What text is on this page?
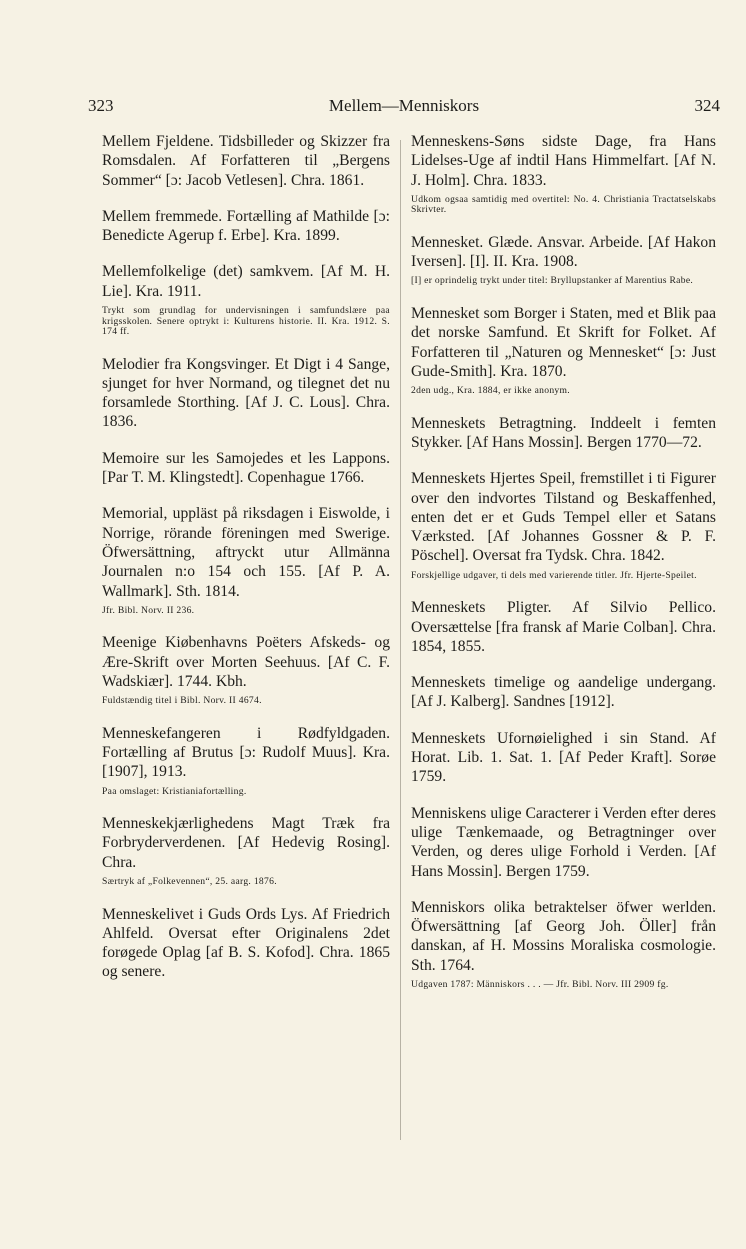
323	Mellem—Menniskors	324
Mellem Fjeldene. Tidsbilleder og Skizzer fra Romsdalen. Af Forfatteren til „Bergens Sommer“ [ɔ: Jacob Vetlesen]. Chra. 1861.
Mellem fremmede. Fortælling af Mathilde [ɔ: Benedicte Agerup f. Erbe]. Kra. 1899.
Mellemfolkelige (det) samkvem. [Af M. H. Lie]. Kra. 1911.
Trykt som grundlag for undervisningen i samfundslære paa krigsskolen. Senere optrykt i: Kulturens historie. II. Kra. 1912. S. 174 ff.
Melodier fra Kongsvinger. Et Digt i 4 Sange, sjunget for hver Normand, og tilegnet det nu forsamlede Storthing. [Af J. C. Lous]. Chra. 1836.
Memoire sur les Samojedes et les Lappons. [Par T. M. Klingstedt]. Copenhague 1766.
Memorial, uppläst på riksdagen i Eiswolde, i Norrige, rörande föreningen med Swerige. Öfwersättning, aftryckt utur Allmänna Journalen n:o 154 och 155. [Af P. A. Wallmark]. Sth. 1814.
Jfr. Bibl. Norv. II 236.
Meenige Kiøbenhavns Poëters Afskeds- og Ære-Skrift over Morten Seehuus. [Af C. F. Wadskiær]. 1744. Kbh.
Fuldstændig titel i Bibl. Norv. II 4674.
Menneskefangeren i Rødfyldgaden. Fortælling af Brutus [ɔ: Rudolf Muus]. Kra. [1907], 1913.
Paa omslaget: Kristianiafortælling.
Menneskekjærlighedens Magt Træk fra Forbryderverdenen. [Af Hedevig Rosing]. Chra.
Særtryk af „Folkevennen“, 25. aarg. 1876.
Menneskelivet i Guds Ords Lys. Af Friedrich Ahlfeld. Oversat efter Originalens 2det forøgede Oplag [af B. S. Kofod]. Chra. 1865 og senere.
Menneskens-Søns sidste Dage, fra Hans Lidelses-Uge af indtil Hans Himmelfart. [Af N. J. Holm]. Chra. 1833.
Udkom ogsaa samtidig med overtitel: No. 4. Christiania Tractatselskabs Skrivter.
Mennesket. Glæde. Ansvar. Arbeide. [Af Hakon Iversen]. [I]. II. Kra. 1908.
[I] er oprindelig trykt under titel: Bryllupstanker af Marentius Rabe.
Mennesket som Borger i Staten, med et Blik paa det norske Samfund. Et Skrift for Folket. Af Forfatteren til „Naturen og Mennesket“ [ɔ: Just Gude-Smith]. Kra. 1870.
2den udg., Kra. 1884, er ikke anonym.
Menneskets Betragtning. Inddeelt i femten Stykker. [Af Hans Mossin]. Bergen 1770—72.
Menneskets Hjertes Speil, fremstillet i ti Figurer over den indvortes Tilstand og Beskaffenhed, enten det er et Guds Tempel eller et Satans Værksted. [Af Johannes Gossner & P. F. Pöschel]. Oversat fra Tydsk. Chra. 1842.
Forskjellige udgaver, ti dels med varierende titler. Jfr. Hjerte-Speilet.
Menneskets Pligter. Af Silvio Pellico. Oversættelse [fra fransk af Marie Colban]. Chra. 1854, 1855.
Menneskets timelige og aandelige undergang. [Af J. Kalberg]. Sandnes [1912].
Menneskets Ufornøielighed i sin Stand. Af Horat. Lib. 1. Sat. 1. [Af Peder Kraft]. Sorøe 1759.
Menniskens ulige Caracterer i Verden efter deres ulige Tænkemaade, og Betragtninger over Verden, og deres ulige Forhold i Verden. [Af Hans Mossin]. Bergen 1759.
Menniskors olika betraktelser öfwer werlden. Öfwersättning [af Georg Joh. Öller] från danskan, af H. Mossins Moraliska cosmologie. Sth. 1764.
Udgaven 1787: Människors . . . — Jfr. Bibl. Norv. III 2909 fg.
